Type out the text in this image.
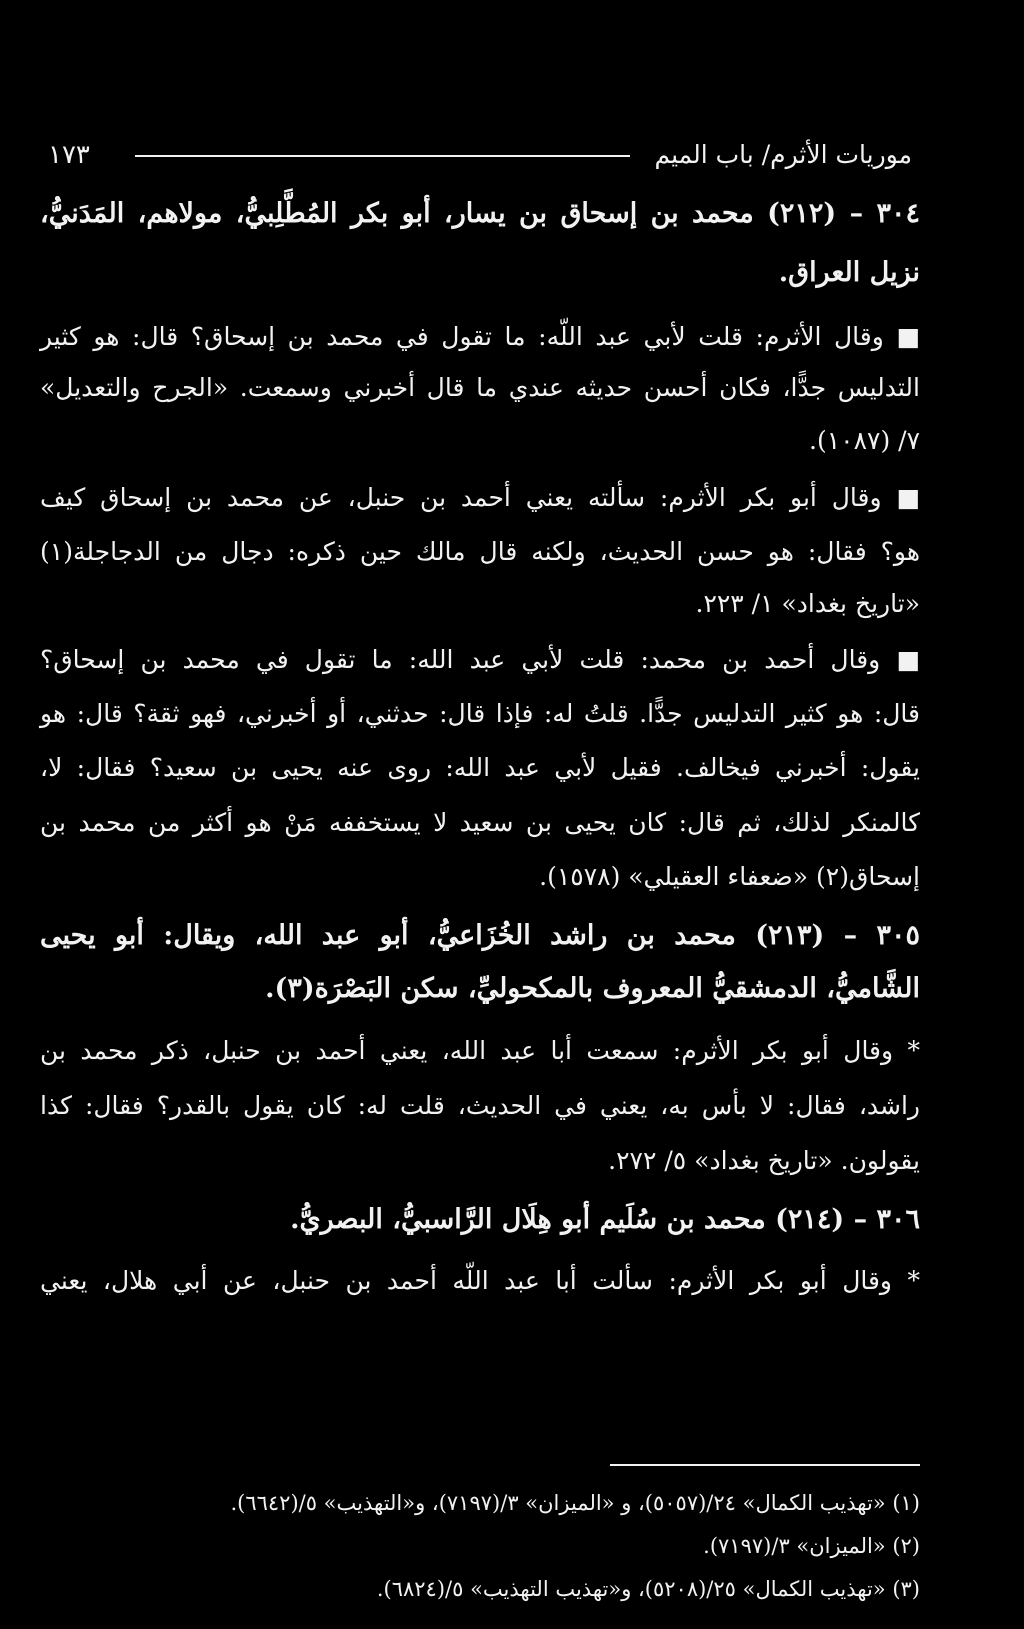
موريات الأثرم/ باب الميم
١٧٣
٣٠٤ – (٢١٢) محمد بن إسحاق بن يسار، أبو بكر المُطَّلِبيُّ، مولاهم، المَدَنيُّ،
نزيل العراق.
■ وقال الأثرم: قلت لأبي عبد اللّه: ما تقول في محمد بن إسحاق؟ قال: هو كثير
التدليس جدًّا، فكان أحسن حديثه عندي ما قال أخبرني وسمعت. «الجرح والتعديل»
٧/ (١٠٨٧).
■ وقال أبو بكر الأثرم: سألته يعني أحمد بن حنبل، عن محمد بن إسحاق كيف
هو؟ فقال: هو حسن الحديث، ولكنه قال مالك حين ذكره: دجال من الدجاجلة(١)
«تاريخ بغداد» ١/ ٢٢٣.
■ وقال أحمد بن محمد: قلت لأبي عبد الله: ما تقول في محمد بن إسحاق؟
قال: هو كثير التدليس جدًّا. قلتُ له: فإذا قال: حدثني، أو أخبرني، فهو ثقة؟ قال: هو
يقول: أخبرني فيخالف. فقيل لأبي عبد الله: روى عنه يحيى بن سعيد؟ فقال: لا،
كالمنكر لذلك، ثم قال: كان يحيى بن سعيد لا يستخففه مَنْ هو أكثر من محمد بن
إسحاق(٢) «ضعفاء العقيلي» (١٥٧٨).
٣٠٥ – (٢١٣) محمد بن راشد الخُزَاعيُّ، أبو عبد الله، ويقال: أبو يحيى
الشَّاميُّ، الدمشقيُّ المعروف بالمكحوليِّ، سكن البَصْرَة(٣).
* وقال أبو بكر الأثرم: سمعت أبا عبد الله، يعني أحمد بن حنبل، ذكر محمد بن
راشد، فقال: لا بأس به، يعني في الحديث، قلت له: كان يقول بالقدر؟ فقال: كذا
يقولون. «تاريخ بغداد» ٥/ ٢٧٢.
٣٠٦ – (٢١٤) محمد بن سُلَيم أبو هِلَال الرَّاسبيُّ، البصريُّ.
* وقال أبو بكر الأثرم: سألت أبا عبد اللّه أحمد بن حنبل، عن أبي هلال، يعني
(١) «تهذيب الكمال» ٢٤/(٥٠٥٧)، و «الميزان» ٣/(٧١٩٧)، و«التهذيب» ٥/(٦٦٤٢).
(٢) «الميزان» ٣/(٧١٩٧).
(٣) «تهذيب الكمال» ٢٥/(٥٢٠٨)، و«تهذيب التهذيب» ٥/(٦٨٢٤).
